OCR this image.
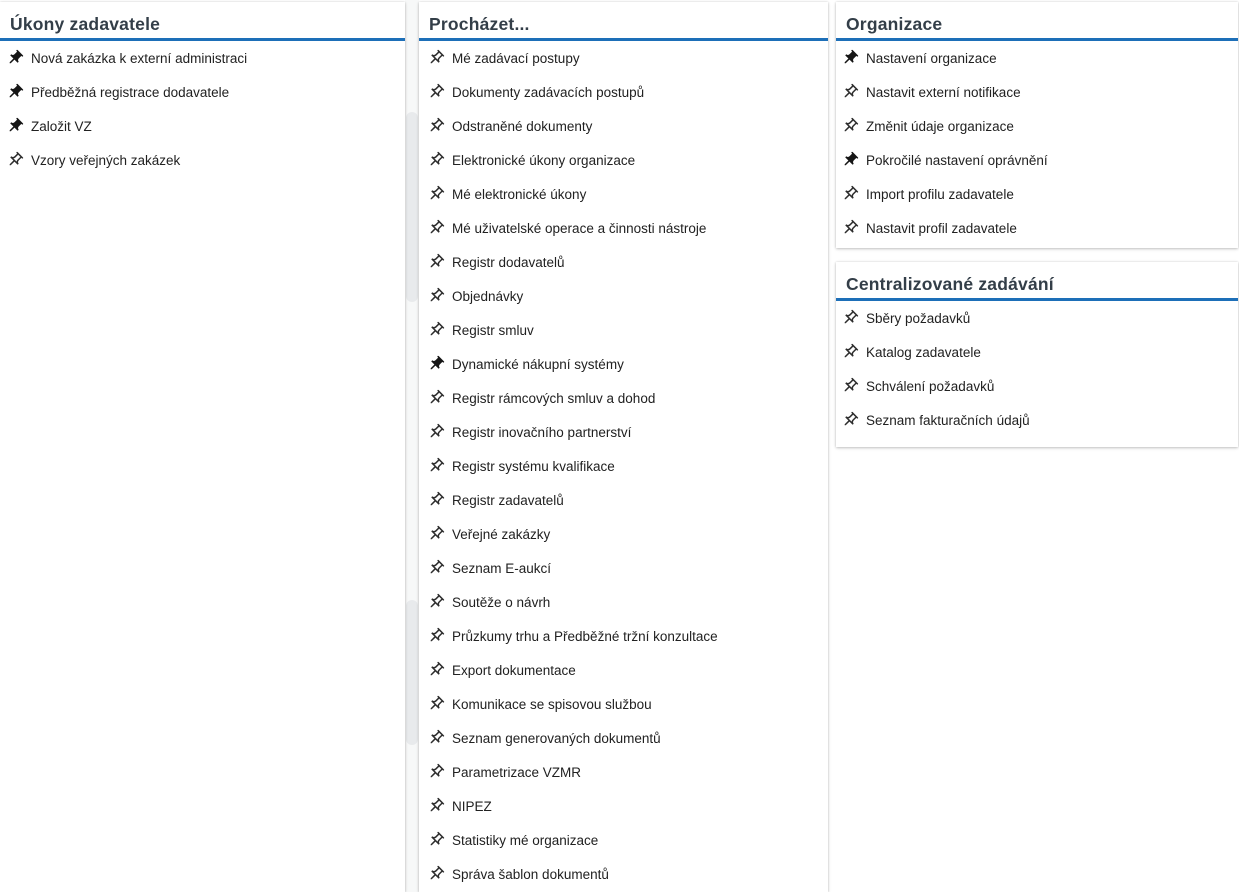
Úkony zadavatele
Nová zakázka k externí administraci
Předběžná registrace dodavatele
Založit VZ
Vzory veřejných zakázek
Procházet...
Mé zadávací postupy
Dokumenty zadávacích postupů
Odstraněné dokumenty
Elektronické úkony organizace
Mé elektronické úkony
Mé uživatelské operace a činnosti nástroje
Registr dodavatelů
Objednávky
Registr smluv
Dynamické nákupní systémy
Registr rámcových smluv a dohod
Registr inovačního partnerství
Registr systému kvalifikace
Registr zadavatelů
Veřejné zakázky
Seznam E-aukcí
Soutěže o návrh
Průzkumy trhu a Předběžné tržní konzultace
Export dokumentace
Komunikace se spisovou službou
Seznam generovaných dokumentů
Parametrizace VZMR
NIPEZ
Statistiky mé organizace
Správa šablon dokumentů
Organizace
Nastavení organizace
Nastavit externí notifikace
Změnit údaje organizace
Pokročilé nastavení oprávnění
Import profilu zadavatele
Nastavit profil zadavatele
Centralizované zadávání
Sběry požadavků
Katalog zadavatele
Schválení požadavků
Seznam fakturačních údajů
